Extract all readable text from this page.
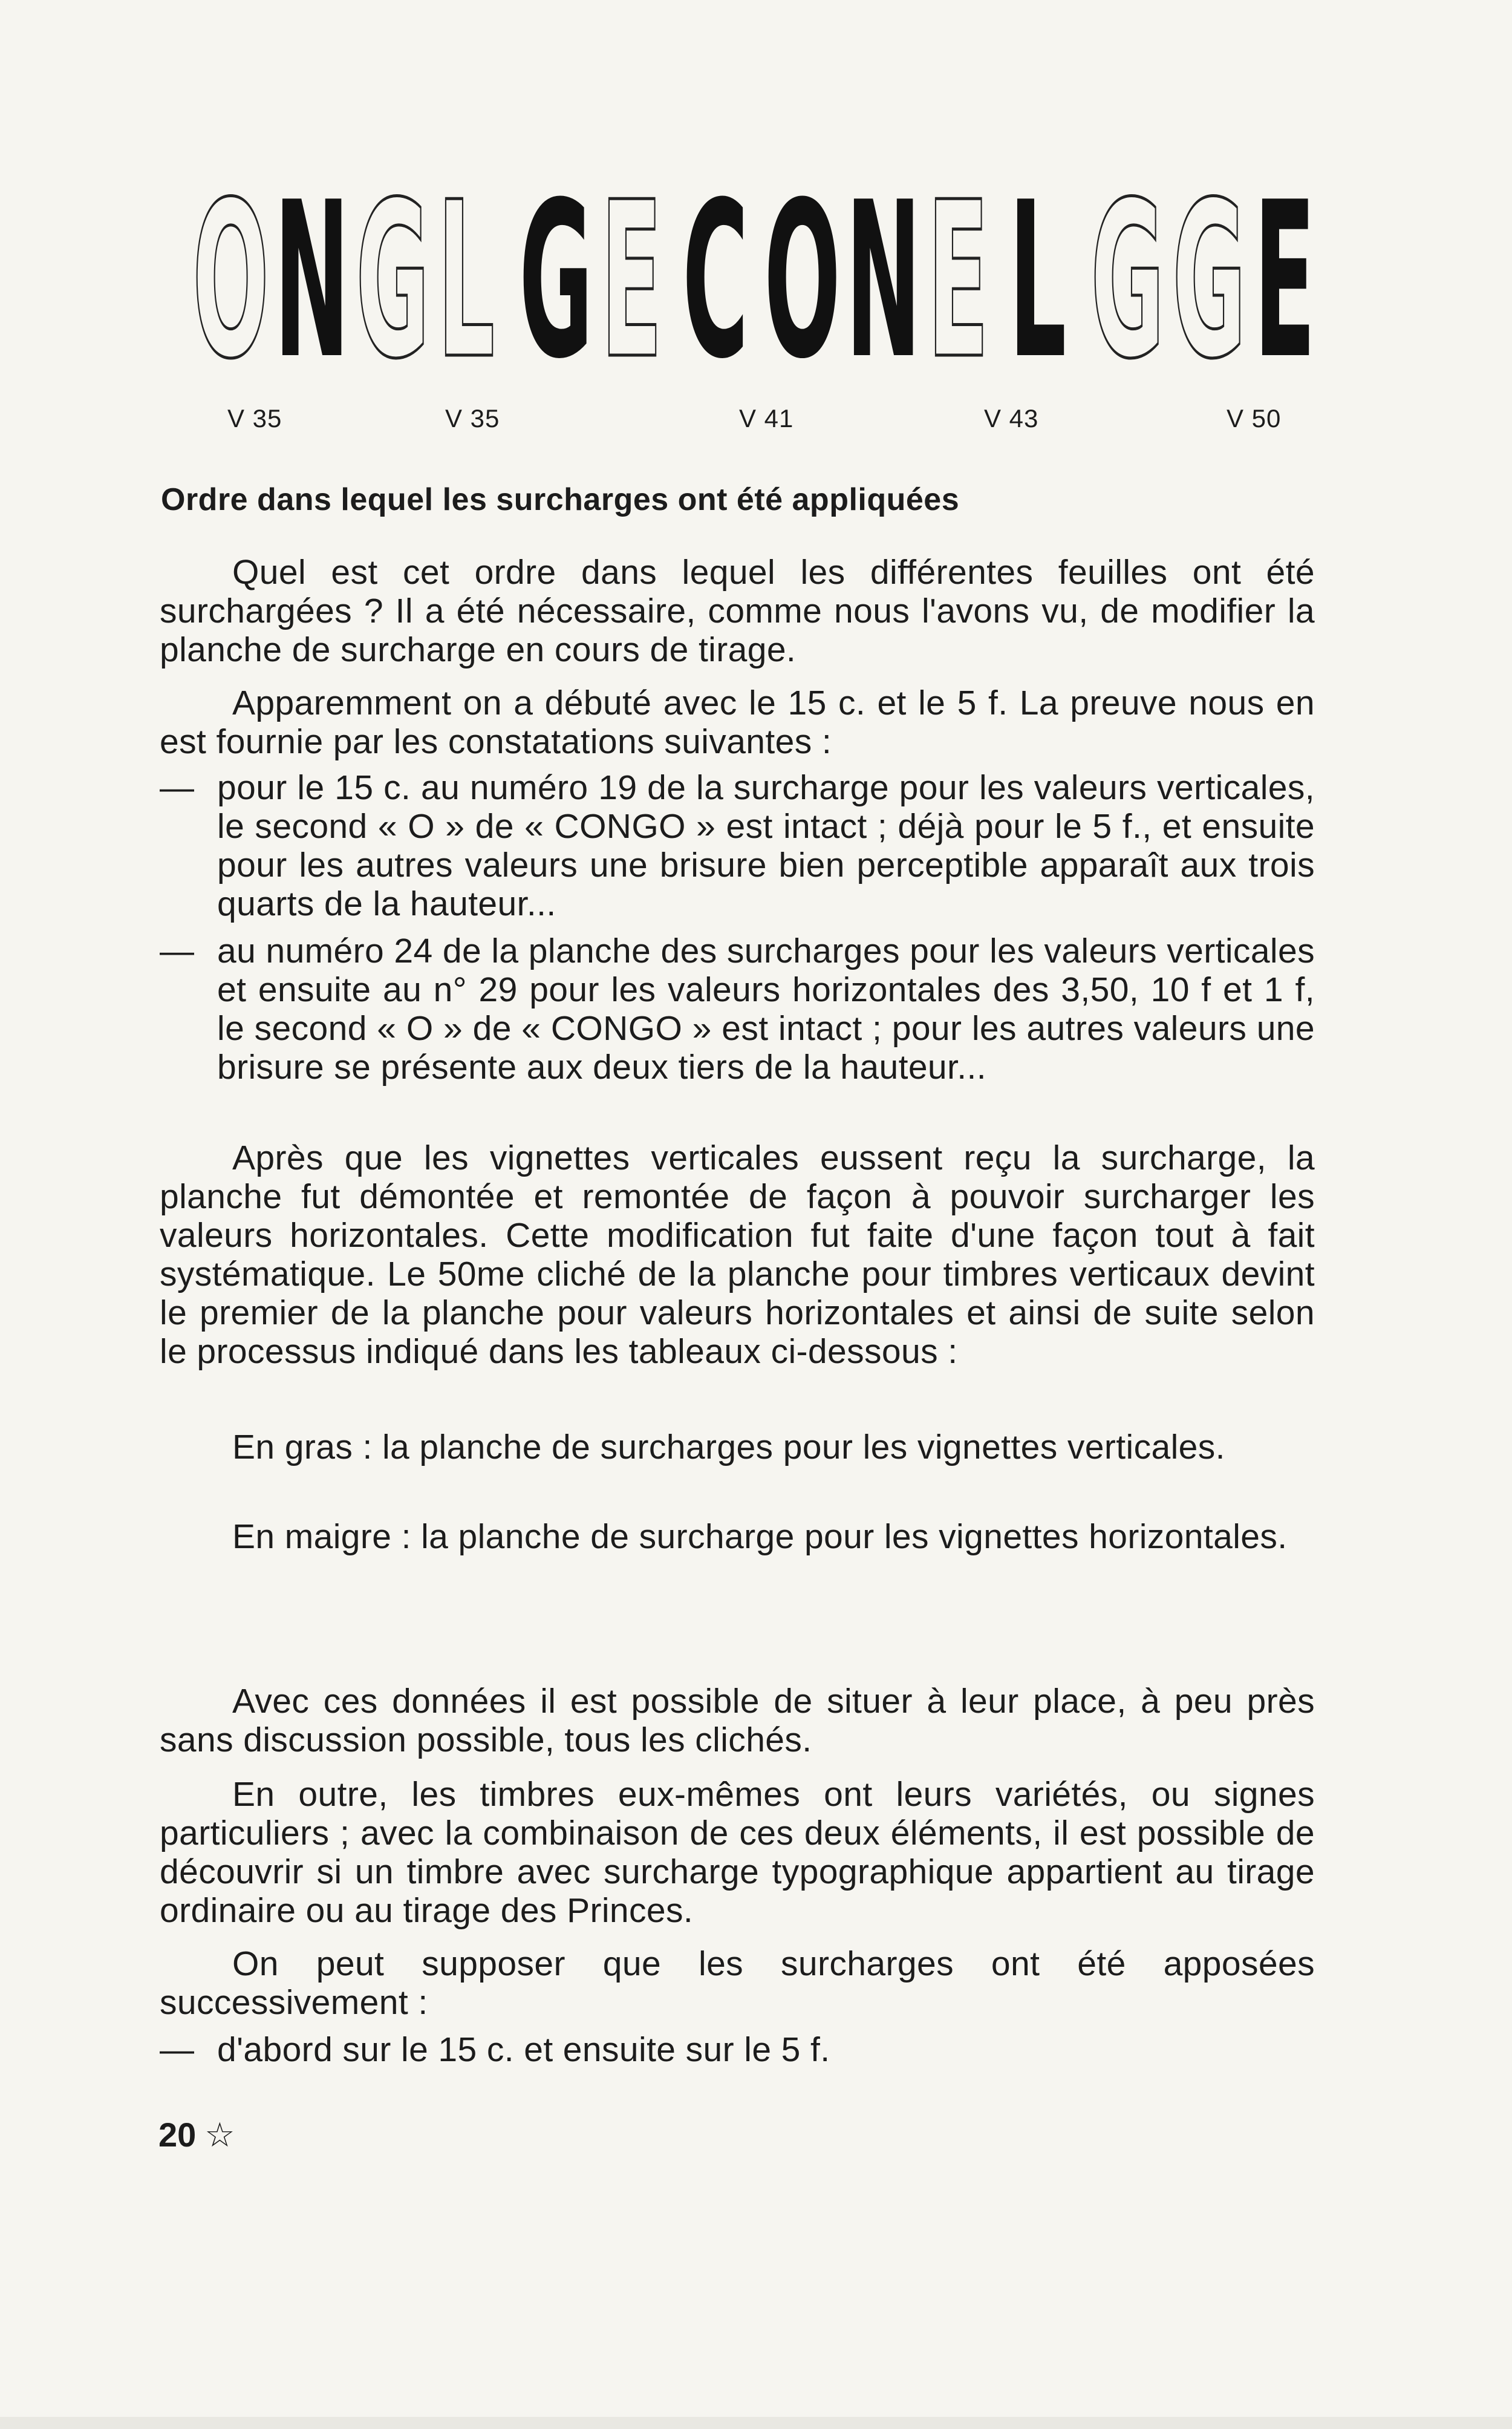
O N G L G E C O N E L G G E
V 35	V 35	V 41	V 43	V 50
Ordre dans lequel les surcharges ont été appliquées
Quel est cet ordre dans lequel les différentes feuilles ont été surchargées ? Il a été nécessaire, comme nous l'avons vu, de modifier la planche de surcharge en cours de tirage.
Apparemment on a débuté avec le 15 c. et le 5 f. La preuve nous en est fournie par les constatations suivantes :
— pour le 15 c. au numéro 19 de la surcharge pour les valeurs verticales, le second « O » de « CONGO » est intact ; déjà pour le 5 f., et ensuite pour les autres valeurs une brisure bien perceptible apparaît aux trois quarts de la hauteur...
— au numéro 24 de la planche des surcharges pour les valeurs verticales et ensuite au n° 29 pour les valeurs horizontales des 3,50, 10 f et 1 f, le second « O » de « CONGO » est intact ; pour les autres valeurs une brisure se présente aux deux tiers de la hauteur...
Après que les vignettes verticales eussent reçu la surcharge, la planche fut démontée et remontée de façon à pouvoir surcharger les valeurs horizontales. Cette modification fut faite d'une façon tout à fait systématique. Le 50me cliché de la planche pour timbres verticaux devint le premier de la planche pour valeurs horizontales et ainsi de suite selon le processus indiqué dans les tableaux ci-dessous :
En gras : la planche de surcharges pour les vignettes verticales.
En maigre : la planche de surcharge pour les vignettes horizontales.
Avec ces données il est possible de situer à leur place, à peu près sans discussion possible, tous les clichés.
En outre, les timbres eux-mêmes ont leurs variétés, ou signes particuliers ; avec la combinaison de ces deux éléments, il est possible de découvrir si un timbre avec surcharge typographique appartient au tirage ordinaire ou au tirage des Princes.
On peut supposer que les surcharges ont été apposées successivement :
— d'abord sur le 15 c. et ensuite sur le 5 f.
20 ☆
